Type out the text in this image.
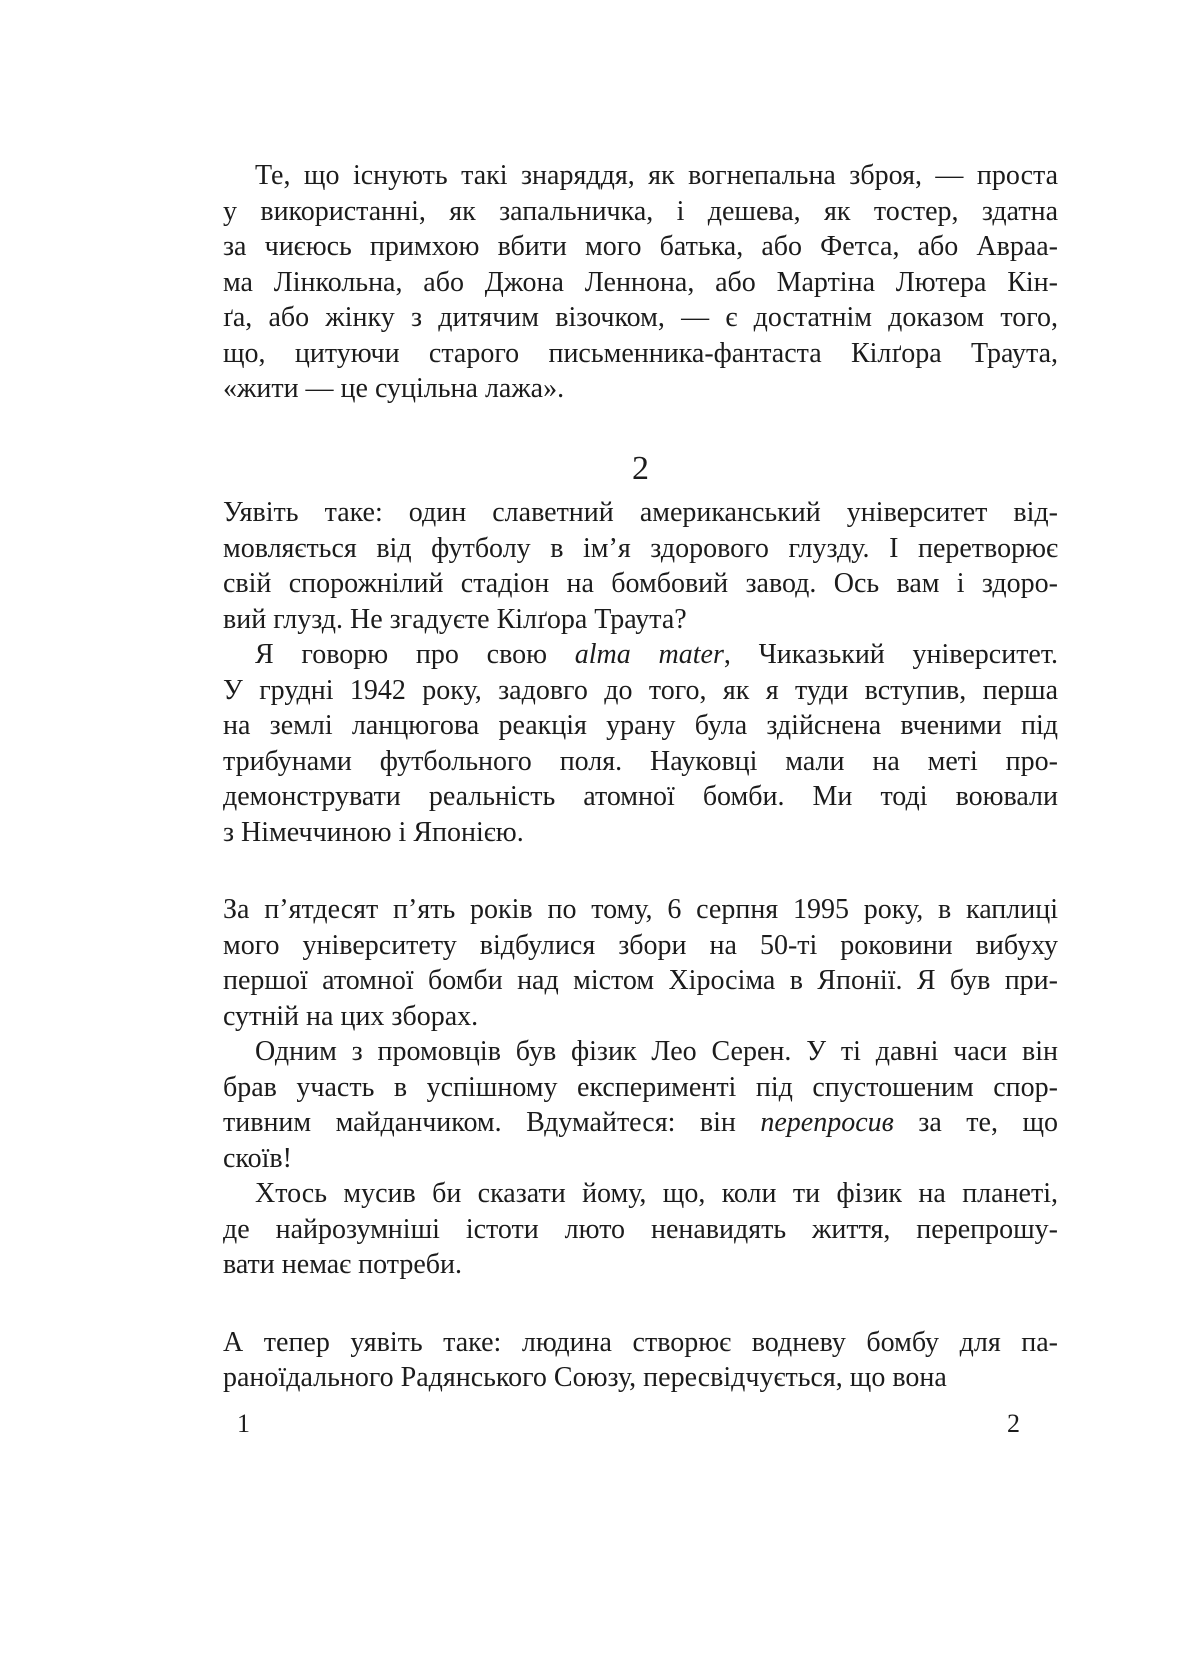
Те, що існують такі знаряддя, як вогнепальна зброя, — проста
у використанні, як запальничка, і дешева, як тостер, здатна
за чиєюсь примхою вбити мого батька, або Фетса, або Авраа-
ма Лінкольна, або Джона Леннона, або Мартіна Лютера Кін-
ґа, або жінку з дитячим візочком, — є достатнім доказом того,
що, цитуючи старого письменника-фантаста Кілґора Траута,
«жити — це суцільна лажа».
2
Уявіть таке: один славетний американський університет від-
мовляється від футболу в ім’я здорового глузду. І перетворює
свій спорожнілий стадіон на бомбовий завод. Ось вам і здоро-
вий глузд. Не згадуєте Кілґора Траута?
Я говорю про свою alma mater, Чиказький університет.
У грудні 1942 року, задовго до того, як я туди вступив, перша
на землі ланцюгова реакція урану була здійснена вченими під
трибунами футбольного поля. Науковці мали на меті про-
демонструвати реальність атомної бомби. Ми тоді воювали
з Німеччиною і Японією.
За п’ятдесят п’ять років по тому, 6 серпня 1995 року, в каплиці
мого університету відбулися збори на 50-ті роковини вибуху
першої атомної бомби над містом Хіросіма в Японії. Я був при-
сутній на цих зборах.
Одним з промовців був фізик Лео Серен. У ті давні часи він
брав участь в успішному експерименті під спустошеним спор-
тивним майданчиком. Вдумайтеся: він перепросив за те, що
скоїв!
Хтось мусив би сказати йому, що, коли ти фізик на планеті,
де найрозумніші істоти люто ненавидять життя, перепрошу-
вати немає потреби.
А тепер уявіть таке: людина створює водневу бомбу для па-
раноїдального Радянського Союзу, пересвідчується, що вона
1	2
